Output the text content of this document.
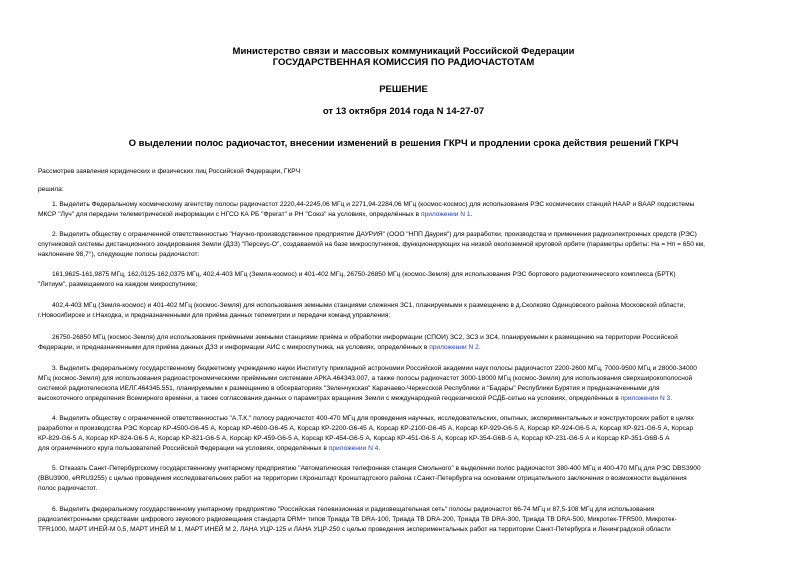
Министерство связи и массовых коммуникаций Российской Федерации
ГОСУДАРСТВЕННАЯ КОМИССИЯ ПО РАДИОЧАСТОТАМ
РЕШЕНИЕ
от 13 октября 2014 года N 14-27-07
О выделении полос радиочастот, внесении изменений в решения ГКРЧ и продлении срока действия решений ГКРЧ
Рассмотрев заявления юридических и физических лиц Российской Федерации, ГКРЧ
решила:
1. Выделить Федеральному космическому агентству полосы радиочастот 2220,44-2245,06 МГц и 2271,94-2284,06 МГц (космос-космос) для использования РЭС космических станций НААР и ВААР подсистемы
МКСР "Луч" для передачи телеметрической информации с НГСО КА РБ "Фрегат" и РН "Союз" на условиях, определённых в приложении N 1.
2. Выделить обществу с ограниченной ответственностью "Научно-производственное предприятие ДАУРИЯ" (ООО "НПП Даурия") для разработки, производства и применения радиоэлектронных средств (РЭС)
спутниковой системы дистанционного зондирования Земли (ДЗЗ) "Персеус-О", создаваемой на базе микроспутников, функционирующих на низкой околоземной круговой орбите (параметры орбиты: На = Нп = 650 км,
наклонение 98,7°), следующие полосы радиочастот:
161,9625-161,9875 МГц, 162,0125-162,0375 МГц, 402,4-403 МГц (Земля-космос) и 401-402 МГц, 26750-26850 МГц (космос-Земля) для использования РЭС бортового радиотехнического комплекса (БРТК)
"Литиум", размещаемого на каждом микроспутнике;
402,4-403 МГц (Земля-космос) и 401-402 МГц (космос-Земля) для использования земными станциями слежения ЗС1, планируемыми к размещению в д.Сколково Одинцовского района Московской области,
г.Новосибирске и г.Находка, и предназначенными для приёма данных телеметрии и передачи команд управления;
26750-26850 МГц (космос-Земля) для использования приёмными земными станциями приёма и обработки информации (СПОИ) ЗС2, ЗС3 и ЗС4, планируемыми к размещению на территории Российской
Федерации, и предназначенными для приёма данных ДЗЗ и информации АИС с микроспутника, на условиях, определённых в приложении N 2.
3. Выделить федеральному государственному бюджетному учреждению науки Институту прикладной астрономии Российской академии наук полосы радиочастот 2200-2600 МГц, 7000-9500 МГц и 28000-34000
МГц (космос-Земля) для использования радиоастрономическими приёмными системами АРКА.464343.007, а также полосы радиочастот 3000-18000 МГц (космос-Земля) для использования сверхширокополосной
системой радиотелескопа ИЕЛГ.464345.551, планируемыми к размещению в обсерваториях "Зеленчукская" Карачаево-Черкесской Республики и "Бадары" Республики Бурятия и предназначенными для
высокоточного определения Всемирного времени, а также согласования данных о параметрах вращения Земли с международной геодезической РСДБ-сетью на условиях, определённых в приложении N 3.
4. Выделить обществу с ограниченной ответственностью "А.Т.К." полосу радиочастот 400-470 МГц для проведения научных, исследовательских, опытных, экспериментальных и конструкторских работ в целях
разработки и производства РЭС Корсар КР-4500-G6-45 А, Корсар КР-4600-G6-45 А, Корсар КР-2200-G6-45 А, Корсар КР-2100-G6-45 А, Корсар КР-929-G6-5 А, Корсар КР-924-G6-5 А, Корсар КР-921-G6-5 А, Корсар
КР-829-G6-5 А, Корсар КР-824-G6-5 А, Корсар КР-821-G6-5 А, Корсар КР-459-G6-5 А, Корсар КР-454-G6-5 А, Корсар КР-451-G6-5 А, Корсар КР-354-G6В-5 А, Корсар КР-231-G6-5 А и Корсар КР-351-G6В-5 А
для ограниченного круга пользователей Российской Федерации на условиях, определённых в приложении N 4.
5. Отказать Санкт-Петербургскому государственному унитарному предприятию "Автоматическая телефонная станция Смольного" в выделении полос радиочастот 380-400 МГц и 400-470 МГц для РЭС DBS3900
(BBU3900, eRRU3255) с целью проведения исследовательских работ на территории г.Кронштадт Кронштадтского района г.Санкт-Петербурга на основании отрицательного заключения о возможности выделения
полос радиочастот.
6. Выделить федеральному государственному унитарному предприятию "Российская телевизионная и радиовещательная сеть" полосы радиочастот 66-74 МГц и 87,5-108 МГц для использования
радиоэлектронными средствами цифрового звукового радиовещания стандарта DRM+ типов Триада ТВ DRA-100, Триада ТВ DRA-200, Триада ТВ DRA-300, Триада ТВ DRA-500, Микротек-TFR500, Микротек-
TFR1000, МАРТ ИНЕЙ-М 0,5, МАРТ ИНЕЙ М 1, МАРТ ИНЕЙ М 2, ЛАНА УЦР-125 и ЛАНА УЦР-250 с целью проведения экспериментальных работ на территории Санкт-Петербурга и Ленинградской области
